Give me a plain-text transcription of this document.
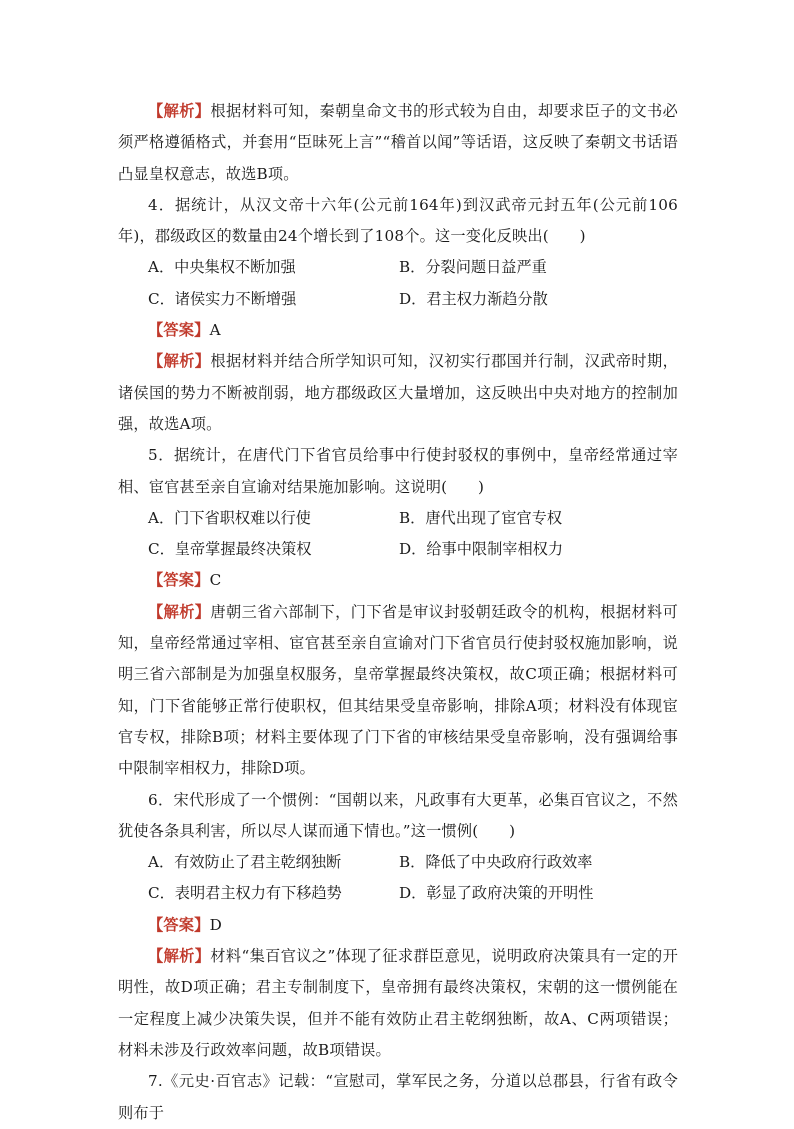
【解析】根据材料可知，秦朝皇命文书的形式较为自由，却要求臣子的文书必须严格遵循格式，并套用“臣昧死上言”“稽首以闻”等话语，这反映了秦朝文书话语凸显皇权意志，故选B项。

4．据统计，从汉文帝十六年(公元前164年)到汉武帝元封五年(公元前106年)，郡级政区的数量由24个增长到了108个。这一变化反映出(　　)

A．中央集权不断加强	B．分裂问题日益严重
C．诸侯实力不断增强	D．君主权力渐趋分散

【答案】A

【解析】根据材料并结合所学知识可知，汉初实行郡国并行制，汉武帝时期，诸侯国的势力不断被削弱，地方郡级政区大量增加，这反映出中央对地方的控制加强，故选A项。

5．据统计，在唐代门下省官员给事中行使封驳权的事例中，皇帝经常通过宰相、宦官甚至亲自宣谕对结果施加影响。这说明(　　)

A．门下省职权难以行使	B．唐代出现了宦官专权
C．皇帝掌握最终决策权	D．给事中限制宰相权力

【答案】C

【解析】唐朝三省六部制下，门下省是审议封驳朝廷政令的机构，根据材料可知，皇帝经常通过宰相、宦官甚至亲自宣谕对门下省官员行使封驳权施加影响，说明三省六部制是为加强皇权服务，皇帝掌握最终决策权，故C项正确；根据材料可知，门下省能够正常行使职权，但其结果受皇帝影响，排除A项；材料没有体现宦官专权，排除B项；材料主要体现了门下省的审核结果受皇帝影响，没有强调给事中限制宰相权力，排除D项。

6．宋代形成了一个惯例：“国朝以来，凡政事有大更革，必集百官议之，不然犹使各条具利害，所以尽人谋而通下情也。”这一惯例(　　)

A．有效防止了君主乾纲独断	B．降低了中央政府行政效率
C．表明君主权力有下移趋势	D．彰显了政府决策的开明性

【答案】D

【解析】材料“集百官议之”体现了征求群臣意见，说明政府决策具有一定的开明性，故D项正确；君主专制制度下，皇帝拥有最终决策权，宋朝的这一惯例能在一定程度上减少决策失误，但并不能有效防止君主乾纲独断，故A、C两项错误；材料未涉及行政效率问题，故B项错误。

7.《元史·百官志》记载：“宣慰司，掌军民之务，分道以总郡县，行省有政令则布于
